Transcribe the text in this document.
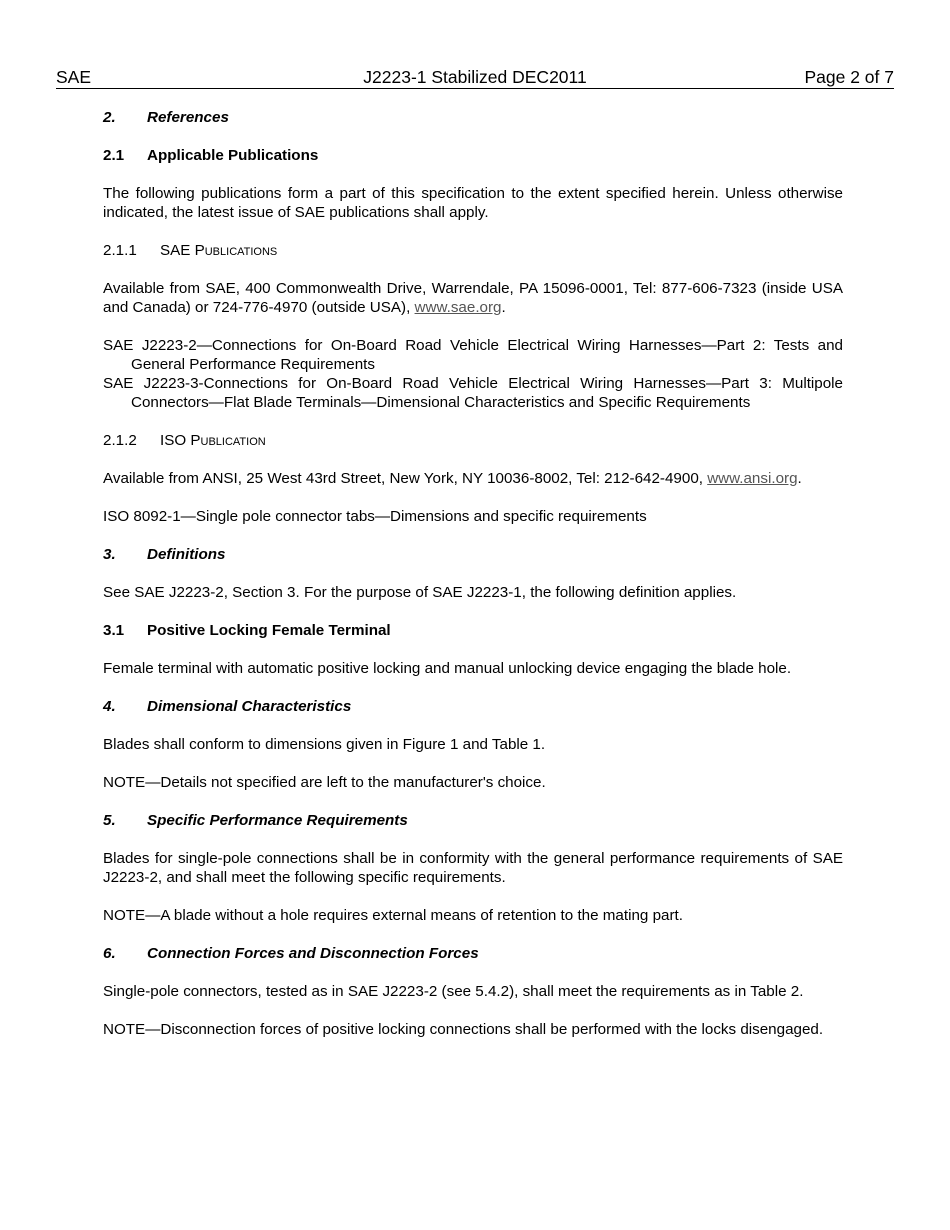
SAE	J2223-1 Stabilized DEC2011	Page 2 of 7

2. References

2.1 Applicable Publications

The following publications form a part of this specification to the extent specified herein. Unless otherwise indicated, the latest issue of SAE publications shall apply.

2.1.1 SAE Publications

Available from SAE, 400 Commonwealth Drive, Warrendale, PA 15096-0001, Tel: 877-606-7323 (inside USA and Canada) or 724-776-4970 (outside USA), www.sae.org.

SAE J2223-2—Connections for On-Board Road Vehicle Electrical Wiring Harnesses—Part 2: Tests and General Performance Requirements

SAE J2223-3-Connections for On-Board Road Vehicle Electrical Wiring Harnesses—Part 3: Multipole Connectors—Flat Blade Terminals—Dimensional Characteristics and Specific Requirements

2.1.2 ISO Publication

Available from ANSI, 25 West 43rd Street, New York, NY 10036-8002, Tel: 212-642-4900, www.ansi.org.

ISO 8092-1—Single pole connector tabs—Dimensions and specific requirements

3. Definitions

See SAE J2223-2, Section 3. For the purpose of SAE J2223-1, the following definition applies.

3.1 Positive Locking Female Terminal

Female terminal with automatic positive locking and manual unlocking device engaging the blade hole.

4. Dimensional Characteristics

Blades shall conform to dimensions given in Figure 1 and Table 1.

NOTE—Details not specified are left to the manufacturer's choice.

5. Specific Performance Requirements

Blades for single-pole connections shall be in conformity with the general performance requirements of SAE J2223-2, and shall meet the following specific requirements.

NOTE—A blade without a hole requires external means of retention to the mating part.

6. Connection Forces and Disconnection Forces

Single-pole connectors, tested as in SAE J2223-2 (see 5.4.2), shall meet the requirements as in Table 2.

NOTE—Disconnection forces of positive locking connections shall be performed with the locks disengaged.
